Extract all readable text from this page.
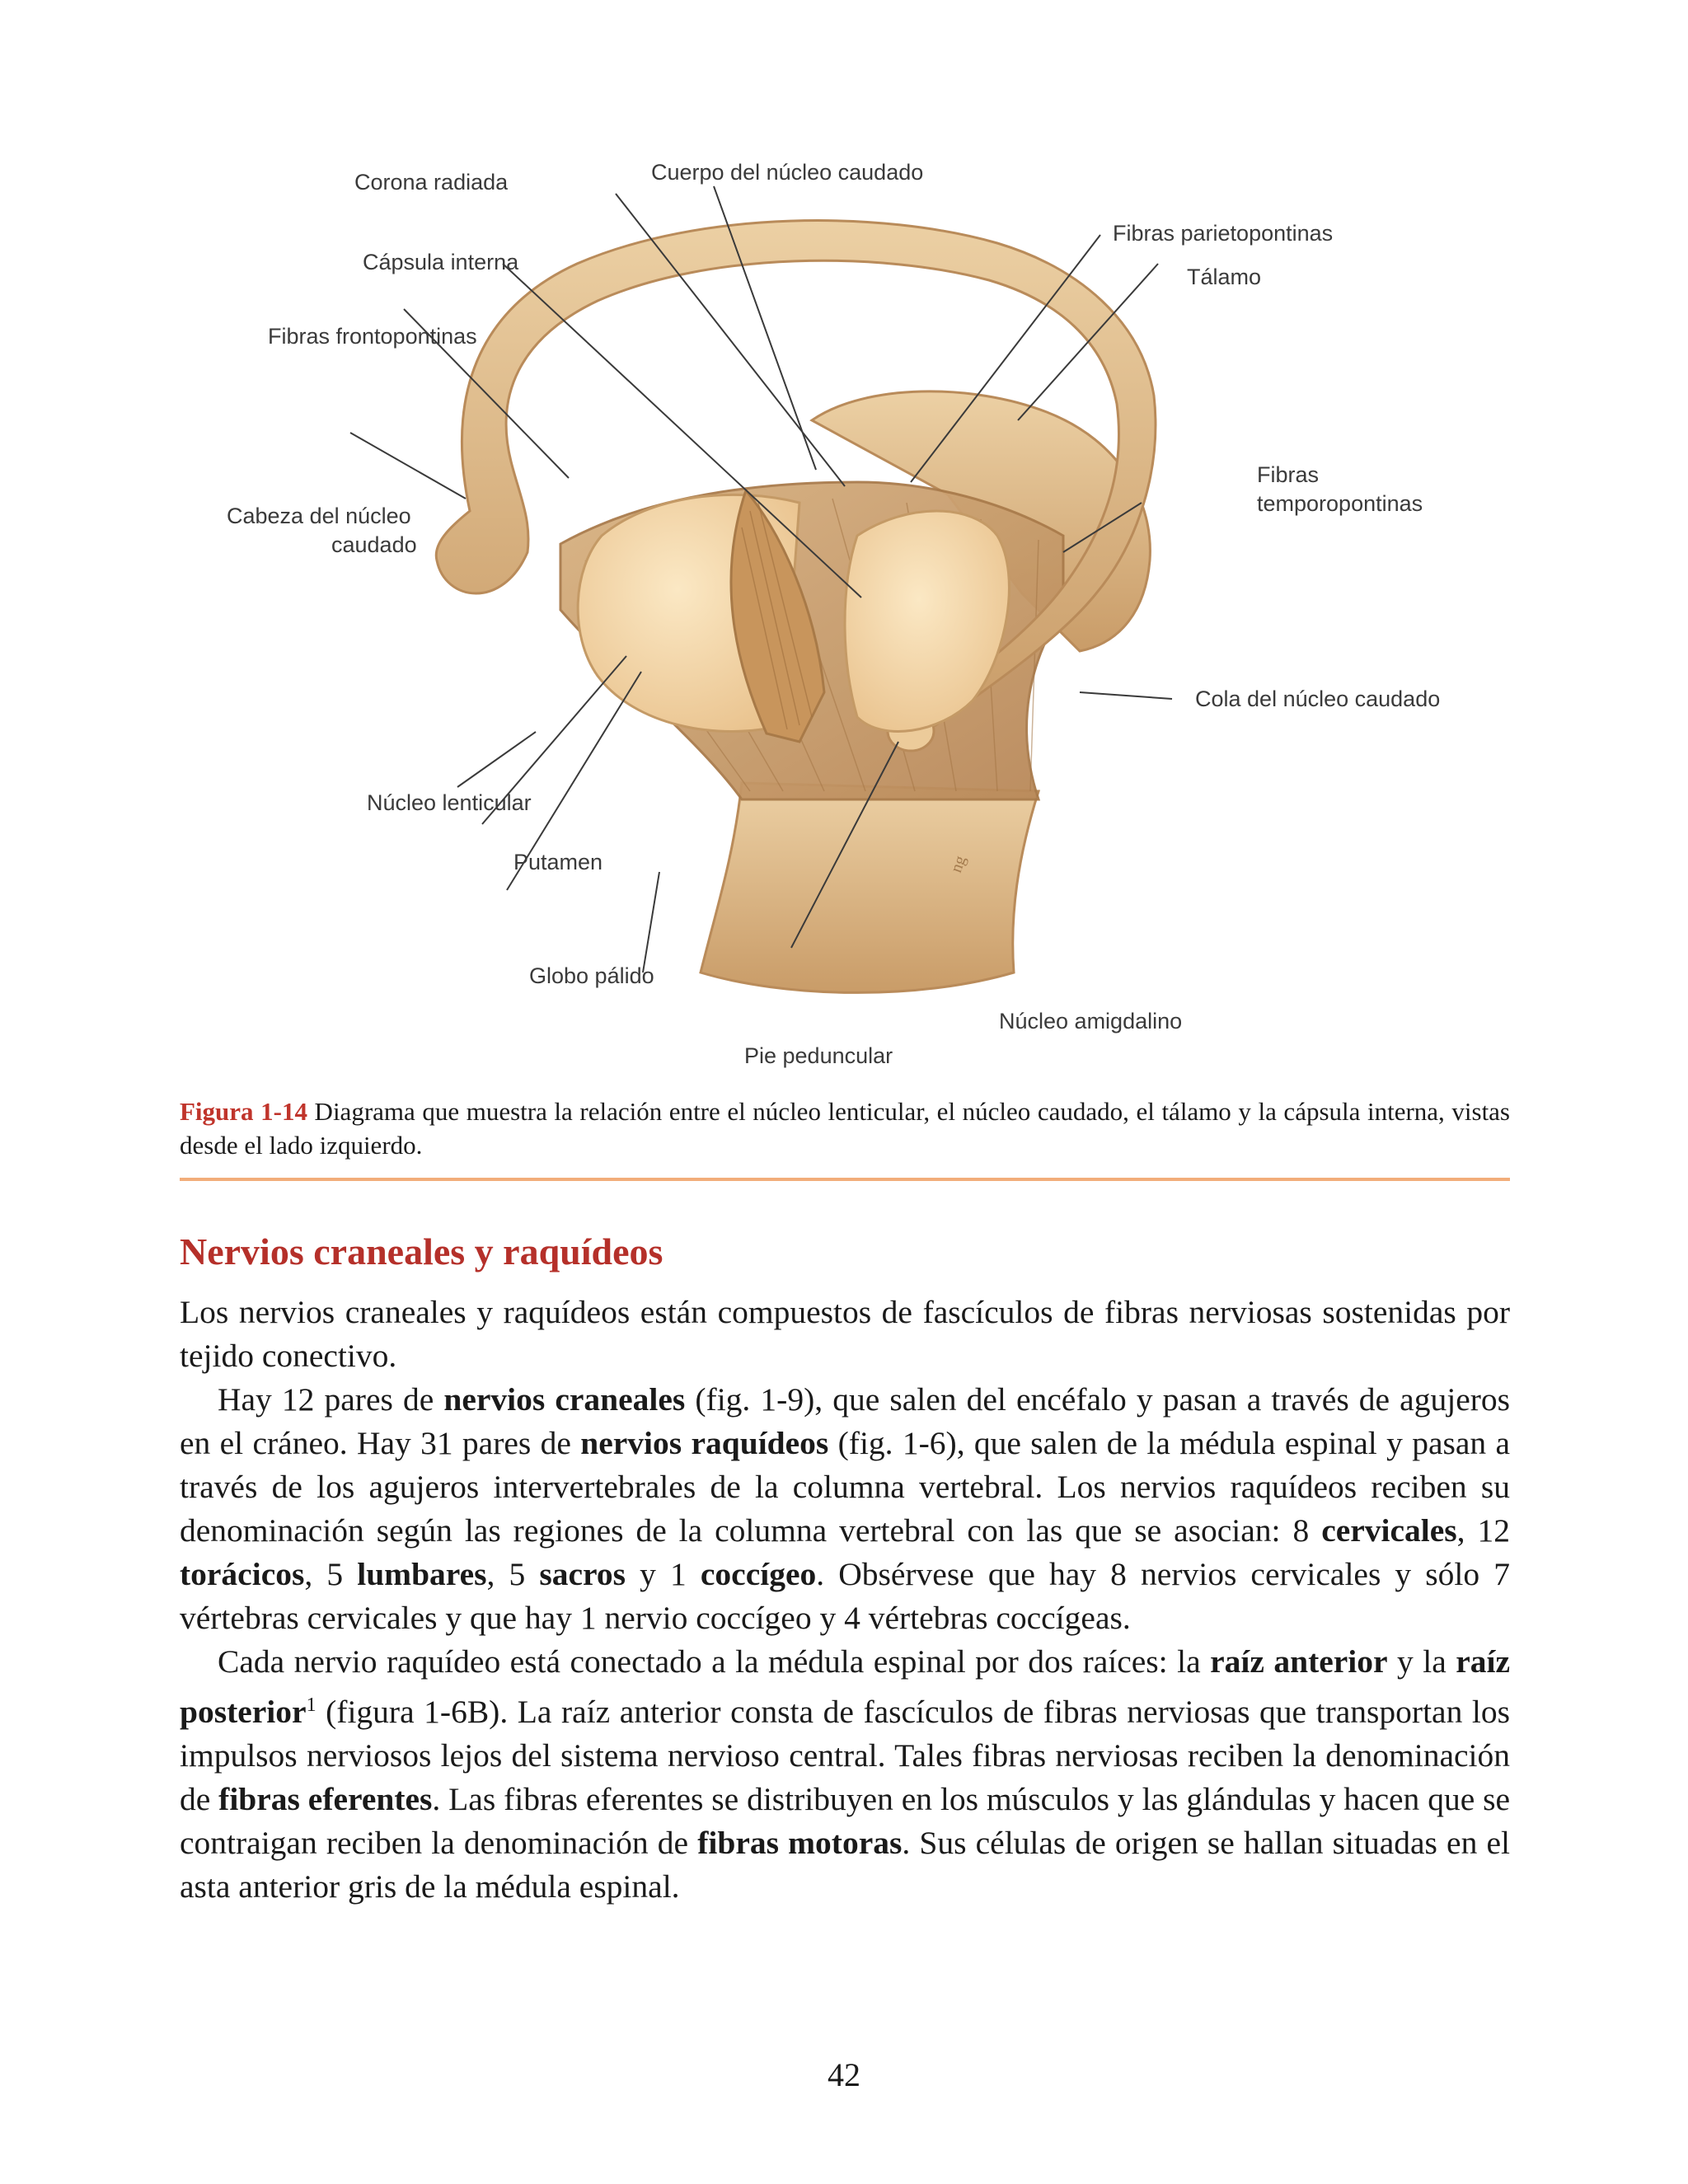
ng
Corona radiada	Cuerpo del núcleo caudado
Fibras parietopontinas
Tálamo
Cápsula interna
Fibras frontopontinas
Fibras
temporopontinas
Cabeza del núcleo
caudado
Cola del núcleo caudado
Núcleo lenticular
Putamen
Globo pálido
Núcleo amigdalino
Pie peduncular
Figura 1-14 Diagrama que muestra la relación entre el núcleo lenticular, el núcleo caudado, el tálamo y la cápsula interna, vistas desde el lado izquierdo.
Nervios craneales y raquídeos

Los nervios craneales y raquídeos están compuestos de fascículos de fibras nerviosas sostenidas por tejido conectivo.

Hay 12 pares de nervios craneales (fig. 1-9), que salen del encéfalo y pasan a través de agujeros en el cráneo. Hay 31 pares de nervios raquídeos (fig. 1-6), que salen de la médula espinal y pasan a través de los agujeros intervertebrales de la columna vertebral. Los nervios raquídeos reciben su denominación según las regiones de la columna vertebral con las que se asocian: 8 cervicales, 12 torácicos, 5 lumbares, 5 sacros y 1 coccígeo. Obsérvese que hay 8 nervios cervicales y sólo 7 vértebras cervicales y que hay 1 nervio coccígeo y 4 vértebras coccígeas.

Cada nervio raquídeo está conectado a la médula espinal por dos raíces: la raíz anterior y la raíz posterior$^1$ (figura 1-6B). La raíz anterior consta de fascículos de fibras nerviosas que transportan los impulsos nerviosos lejos del sistema nervioso central. Tales fibras nerviosas reciben la denominación de fibras eferentes. Las fibras eferentes se distribuyen en los músculos y las glándulas y hacen que se contraigan reciben la denominación de fibras motoras. Sus células de origen se hallan situadas en el asta anterior gris de la médula espinal.

42
